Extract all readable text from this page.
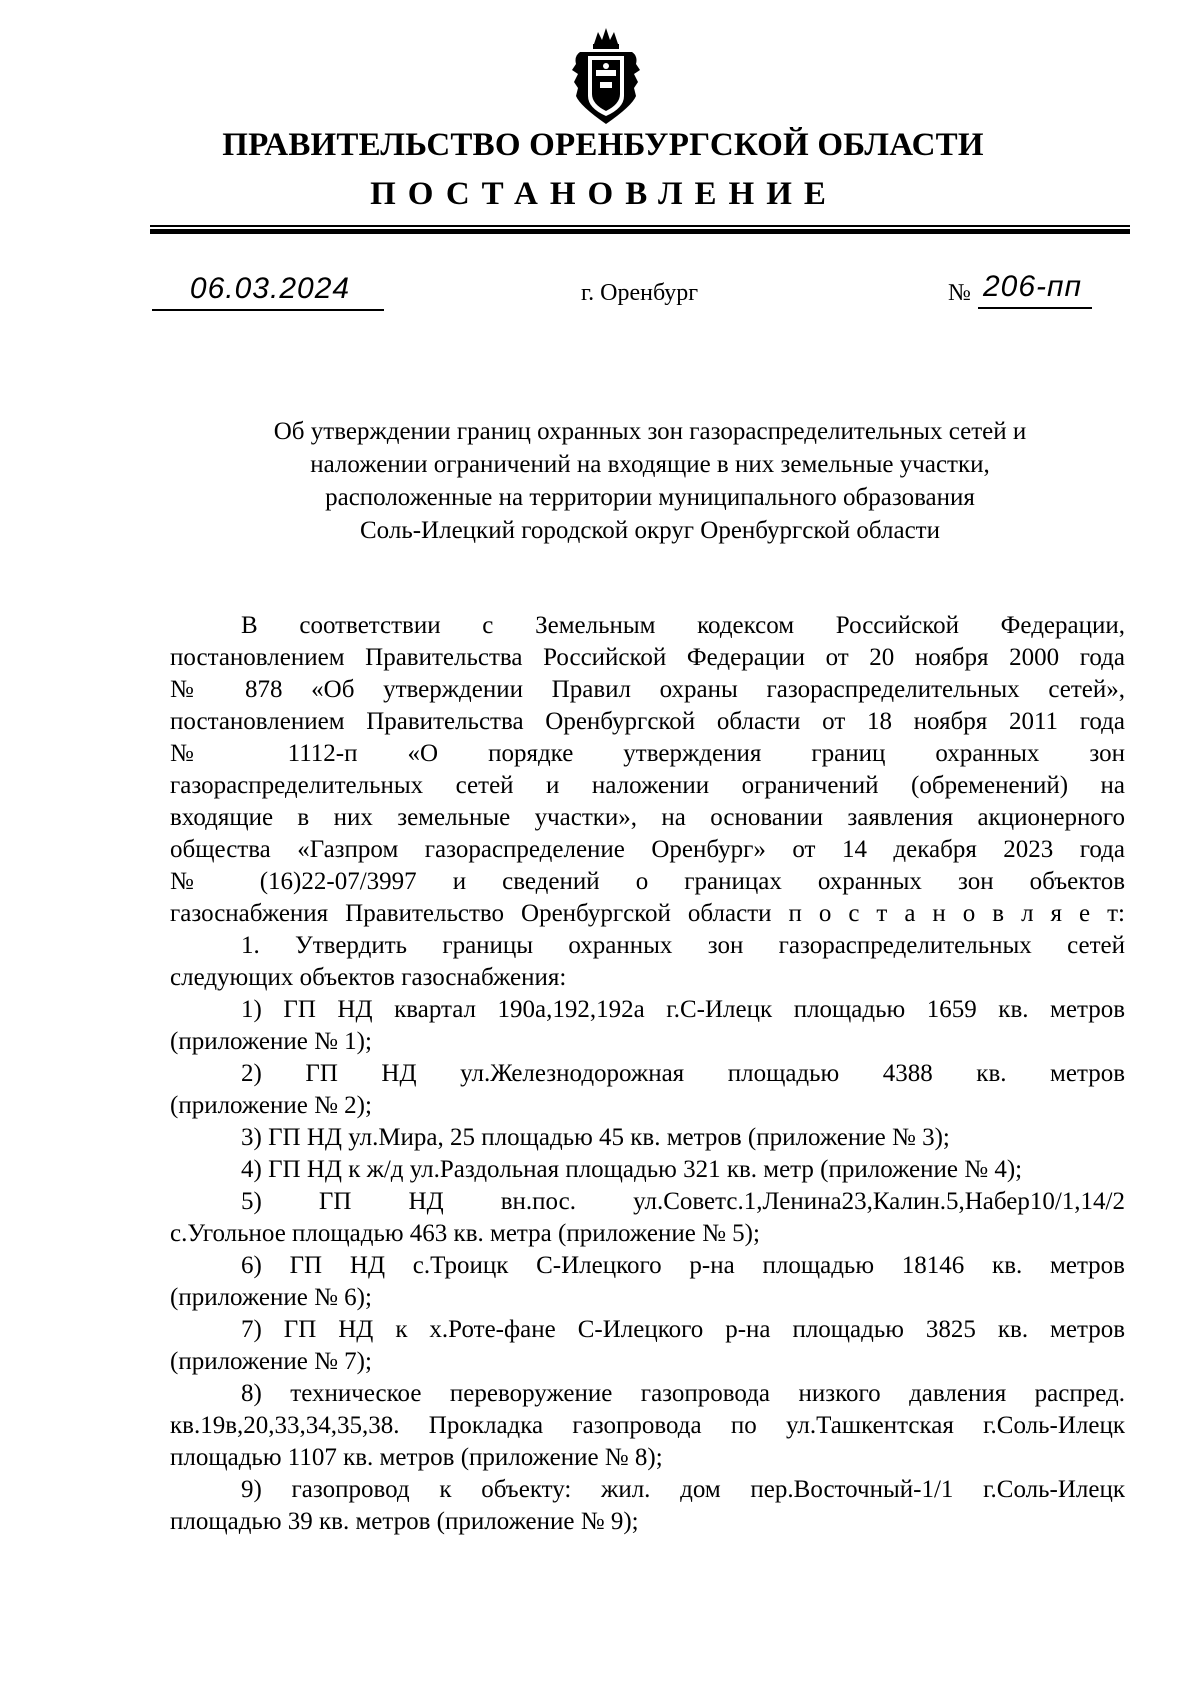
ПРАВИТЕЛЬСТВО ОРЕНБУРГСКОЙ ОБЛАСТИ
ПОСТАНОВЛЕНИЕ
06.03.2024	г. Оренбург	№ 206-пп
Об утверждении границ охранных зон газораспределительных сетей и
наложении ограничений на входящие в них земельные участки,
расположенные на территории муниципального образования
Соль-Илецкий городской округ Оренбургской области
В соответствии с Земельным кодексом Российской Федерации,
постановлением Правительства Российской Федерации от 20 ноября 2000 года
№ 878 «Об утверждении Правил охраны газораспределительных сетей»,
постановлением Правительства Оренбургской области от 18 ноября 2011 года
№ 1112-п «О порядке утверждения границ охранных зон
газораспределительных сетей и наложении ограничений (обременений) на
входящие в них земельные участки», на основании заявления акционерного
общества «Газпром газораспределение Оренбург» от 14 декабря 2023 года
№ (16)22-07/3997 и сведений о границах охранных зон объектов
газоснабжения Правительство Оренбургской области п о с т а н о в л я е т:
1. Утвердить границы охранных зон газораспределительных сетей
следующих объектов газоснабжения:
1) ГП НД квартал 190а,192,192а г.С-Илецк площадью 1659 кв. метров
(приложение № 1);
2) ГП НД ул.Железнодорожная площадью 4388 кв. метров
(приложение № 2);
3) ГП НД ул.Мира, 25 площадью 45 кв. метров (приложение № 3);
4) ГП НД к ж/д ул.Раздольная площадью 321 кв. метр (приложение № 4);
5) ГП НД вн.пос. ул.Советс.1,Ленина23,Калин.5,Набер10/1,14/2
с.Угольное площадью 463 кв. метра (приложение № 5);
6) ГП НД с.Троицк С-Илецкого р-на площадью 18146 кв. метров
(приложение № 6);
7) ГП НД к х.Роте-фане С-Илецкого р-на площадью 3825 кв. метров
(приложение № 7);
8) техническое переворужение газопровода низкого давления распред.
кв.19в,20,33,34,35,38. Прокладка газопровода по ул.Ташкентская г.Соль-Илецк
площадью 1107 кв. метров (приложение № 8);
9) газопровод к объекту: жил. дом пер.Восточный-1/1 г.Соль-Илецк
площадью 39 кв. метров (приложение № 9);
